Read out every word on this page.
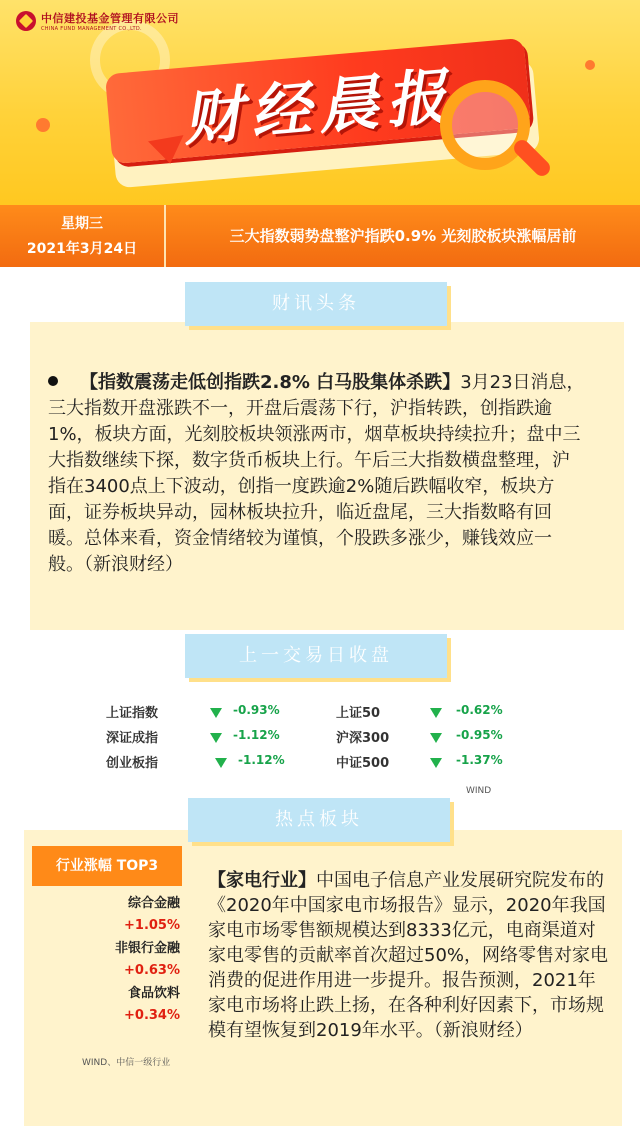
中信建投基金管理有限公司
CHINA FUND MANAGEMENT CO.,LTD.
财经晨报
星期三
2021年3月24日
三大指数弱势盘整沪指跌0.9% 光刻胶板块涨幅居前
财讯头条
【指数震荡走低创指跌2.8% 白马股集体杀跌】3月23日消息，三大指数开盘涨跌不一，开盘后震荡下行，沪指转跌，创指跌逾1%，板块方面，光刻胶板块领涨两市，烟草板块持续拉升；盘中三大指数继续下探，数字货币板块上行。午后三大指数横盘整理，沪指在3400点上下波动，创指一度跌逾2%随后跌幅收窄，板块方面，证券板块异动，园林板块拉升，临近盘尾，三大指数略有回暖。总体来看，资金情绪较为谨慎，个股跌多涨少，赚钱效应一般。（新浪财经）
上一交易日收盘
上证指数	-0.93%	上证50	-0.62%
深证成指	-1.12%	沪深300	-0.95%
创业板指	-1.12%	中证500	-1.37%
WIND
热点板块
行业涨幅 TOP3
综合金融
+1.05%
非银行金融
+0.63%
食品饮料
+0.34%
WIND、中信一级行业
【家电行业】中国电子信息产业发展研究院发布的《2020年中国家电市场报告》显示，2020年我国家电市场零售额规模达到8333亿元，电商渠道对家电零售的贡献率首次超过50%，网络零售对家电消费的促进作用进一步提升。报告预测，2021年家电市场将止跌上扬，在各种利好因素下，市场规模有望恢复到2019年水平。（新浪财经）
